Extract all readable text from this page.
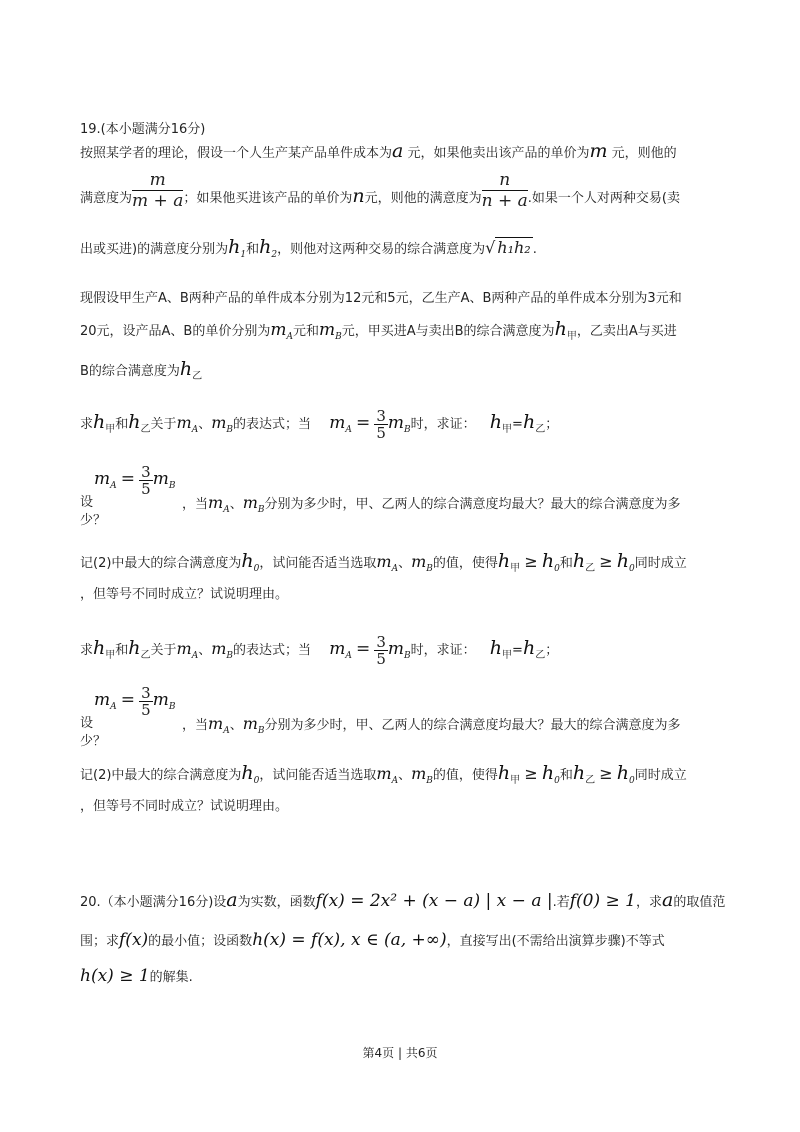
19.(本小题满分16分)
按照某学者的理论，假设一个人生产某产品单件成本为a 元，如果他卖出该产品的单价为m 元，则他的
满意度为 $\frac{m}{m + a}$ ；如果他买进该产品的单价为n元，则他的满意度为 $\frac{n}{n + a}$ .如果一个人对两种交易(卖
出或买进)的满意度分别为$h_1$和$h_2$，则他对这两种交易的综合满意度为√ h₁h₂ .
现假设甲生产A、B两种产品的单件成本分别为12元和5元，乙生产A、B两种产品的单件成本分别为3元和
20元，设产品A、B的单价分别为$m_A$元和$m_B$元，甲买进A与卖出B的综合满意度为$h_甲$，乙卖出A与买进
B的综合满意度为$h_乙$
求$h_甲$和$h_乙$关于$m_A$、$m_B$的表达式；当 $m_A = \frac{3}{5} m_B$时，求证： $h_甲=h_乙$；
$m_A = \frac{3}{5} m_B$
设	，当$m_A$、$m_B$分别为多少时，甲、乙两人的综合满意度均最大？最大的综合满意度为多
少？
记(2)中最大的综合满意度为$h_0$，试问能否适当选取$m_A$、$m_B$的值，使得$h_甲 \ge h_0$和$h_乙 \ge h_0$同时成立
，但等号不同时成立？试说明理由。
求$h_甲$和$h_乙$关于$m_A$、$m_B$的表达式；当 $m_A = \frac{3}{5} m_B$时，求证： $h_甲=h_乙$；
$m_A = \frac{3}{5} m_B$
设	，当$m_A$、$m_B$分别为多少时，甲、乙两人的综合满意度均最大？最大的综合满意度为多
少？
记(2)中最大的综合满意度为$h_0$，试问能否适当选取$m_A$、$m_B$的值，使得$h_甲 \ge h_0$和$h_乙 \ge h_0$同时成立
，但等号不同时成立？试说明理由。
20.（本小题满分16分)设a为实数，函数f(x) = 2x² + (x − a) | x − a |.若f(0) ≥ 1，求a的取值范
围；求f(x)的最小值；设函数h(x) = f(x), x ∈ (a, +∞)，直接写出(不需给出演算步骤)不等式
h(x) ≥ 1的解集.
第4页 | 共6页
